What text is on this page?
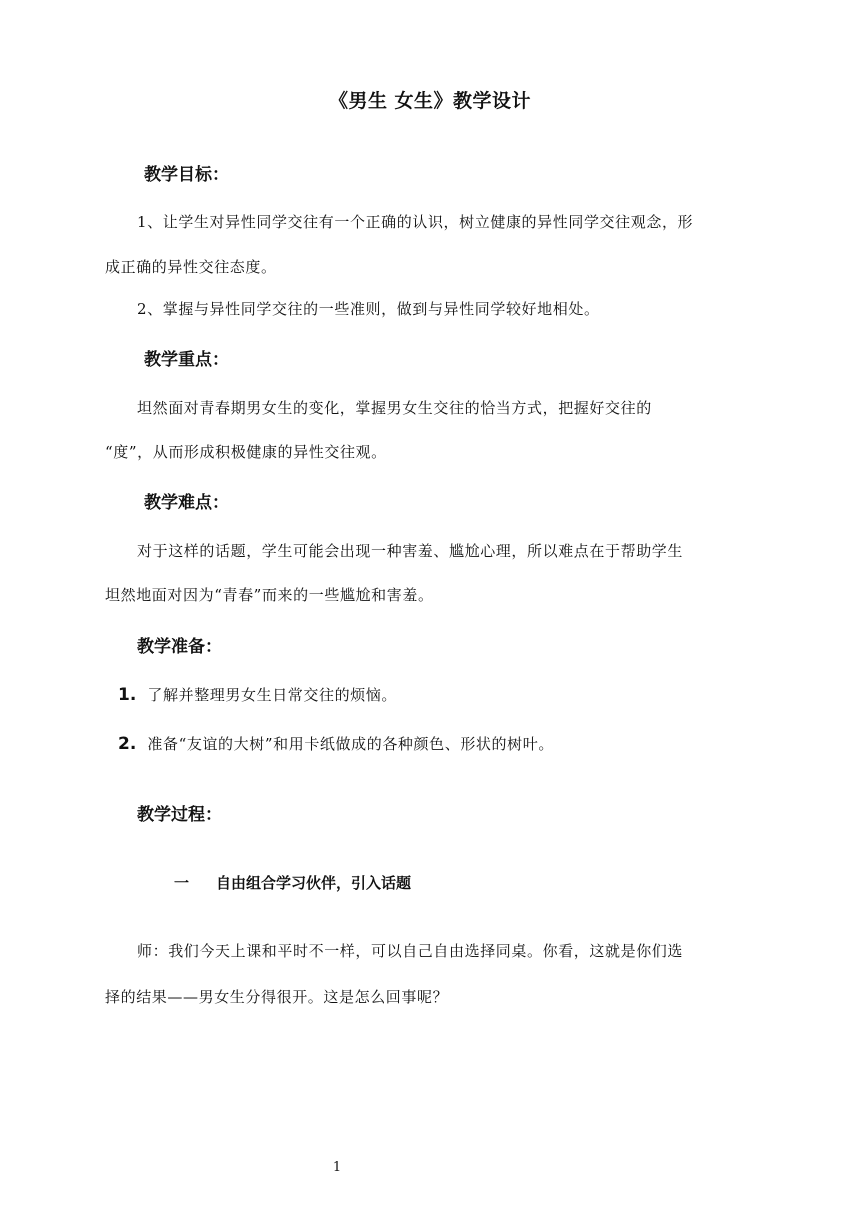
《男生 女生》教学设计
教学目标：
1、让学生对异性同学交往有一个正确的认识，树立健康的异性同学交往观念，形
成正确的异性交往态度。
2、掌握与异性同学交往的一些准则，做到与异性同学较好地相处。
教学重点：
坦然面对青春期男女生的变化，掌握男女生交往的恰当方式，把握好交往的
“度”，从而形成积极健康的异性交往观。
教学难点：
对于这样的话题，学生可能会出现一种害羞、尴尬心理，所以难点在于帮助学生
坦然地面对因为“青春”而来的一些尴尬和害羞。
教学准备：
1. 了解并整理男女生日常交往的烦恼。
2. 准备“友谊的大树”和用卡纸做成的各种颜色、形状的树叶。
教学过程：
一 自由组合学习伙伴，引入话题
师：我们今天上课和平时不一样，可以自己自由选择同桌。你看，这就是你们选
择的结果——男女生分得很开。这是怎么回事呢？
1
